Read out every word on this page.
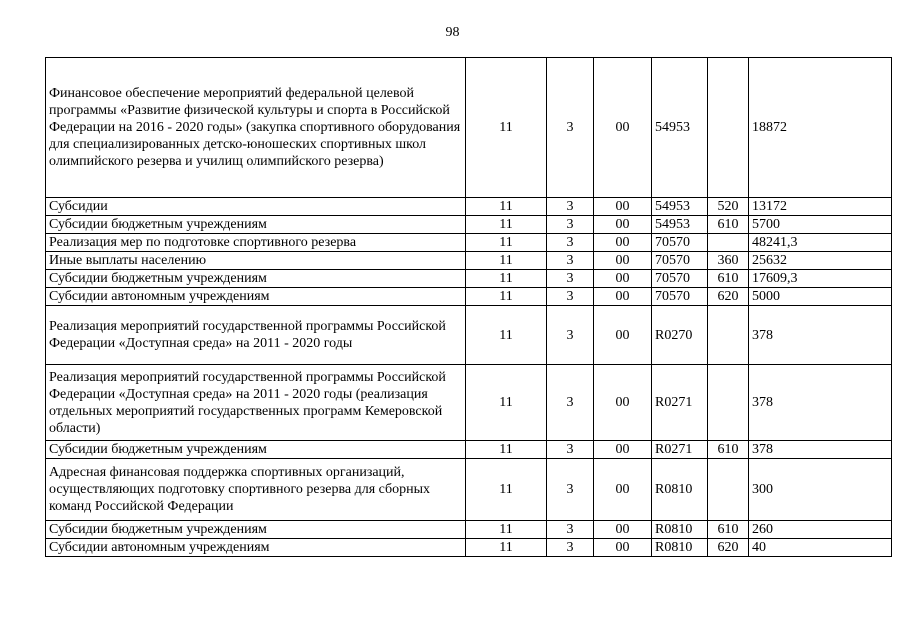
98
Финансовое обеспечение мероприятий федеральной целевой программы «Развитие физической культуры и спорта в Российской Федерации на 2016 - 2020 годы» (закупка спортивного оборудования для специализированных детско-юношеских спортивных школ олимпийского резерва и училищ олимпийского резерва)	11	3	00	54953		18872
Субсидии	11	3	00	54953	520	13172
Субсидии бюджетным учреждениям	11	3	00	54953	610	5700
Реализация мер по подготовке спортивного резерва	11	3	00	70570		48241,3
Иные выплаты населению	11	3	00	70570	360	25632
Субсидии бюджетным учреждениям	11	3	00	70570	610	17609,3
Субсидии автономным учреждениям	11	3	00	70570	620	5000
Реализация мероприятий государственной программы Российской Федерации «Доступная среда» на 2011 - 2020 годы	11	3	00	R0270		378
Реализация мероприятий государственной программы Российской Федерации «Доступная среда» на 2011 - 2020 годы (реализация отдельных мероприятий государственных программ Кемеровской области)	11	3	00	R0271		378
Субсидии бюджетным учреждениям	11	3	00	R0271	610	378
Адресная финансовая поддержка спортивных организаций, осуществляющих подготовку спортивного резерва для сборных команд Российской Федерации	11	3	00	R0810		300
Субсидии бюджетным учреждениям	11	3	00	R0810	610	260
Субсидии автономным учреждениям	11	3	00	R0810	620	40
